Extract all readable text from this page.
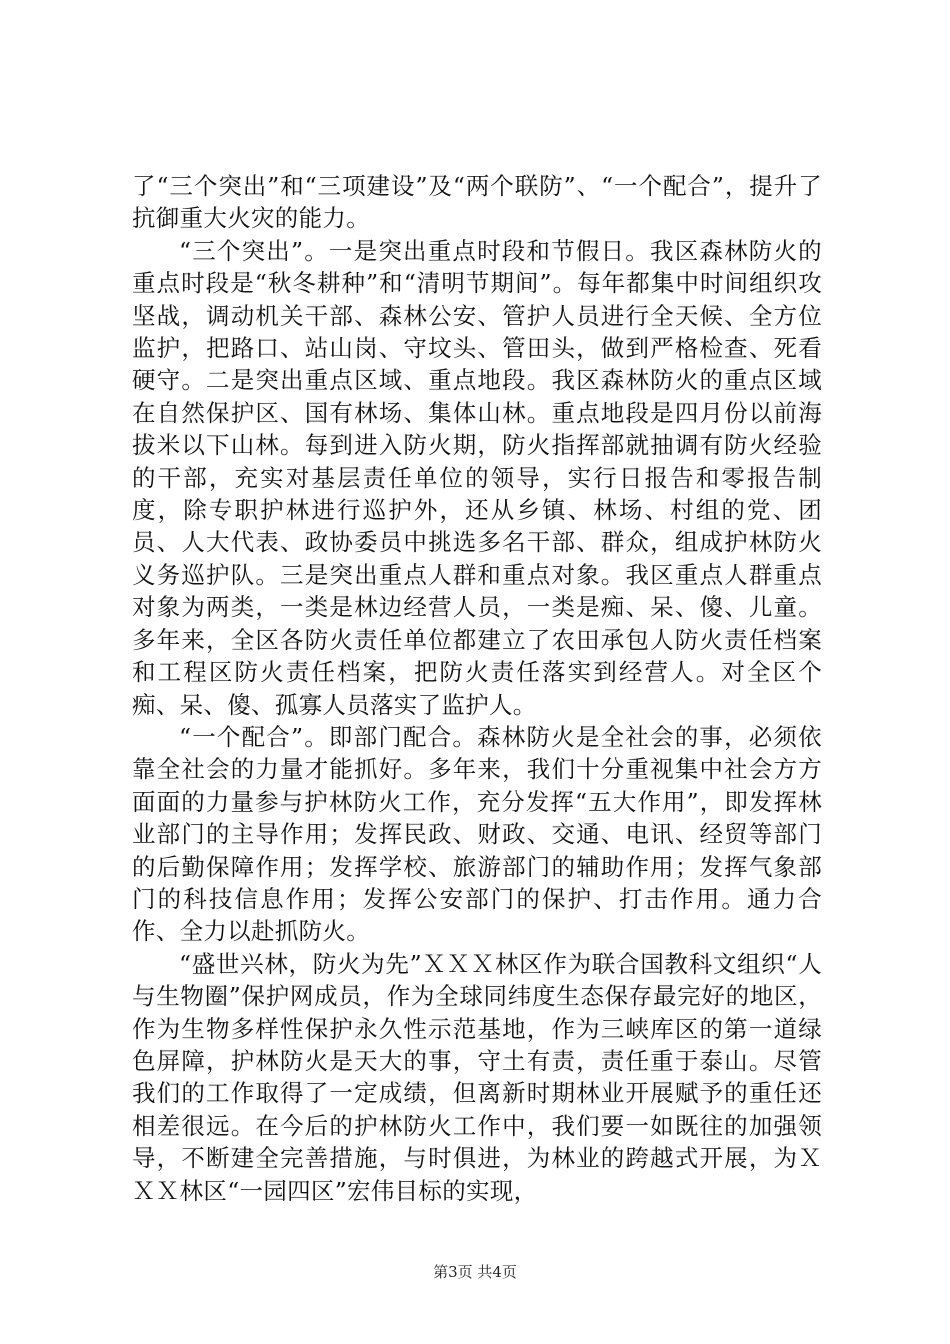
了“三个突出”和“三项建设”及“两个联防”、“一个配合”，提升了抗御重大火灾的能力。

“三个突出”。一是突出重点时段和节假日。我区森林防火的重点时段是“秋冬耕种”和“清明节期间”。每年都集中时间组织攻坚战，调动机关干部、森林公安、管护人员进行全天候、全方位监护，把路口、站山岗、守坟头、管田头，做到严格检查、死看硬守。二是突出重点区域、重点地段。我区森林防火的重点区域在自然保护区、国有林场、集体山林。重点地段是四月份以前海拔米以下山林。每到进入防火期，防火指挥部就抽调有防火经验的干部，充实对基层责任单位的领导，实行日报告和零报告制度，除专职护林进行巡护外，还从乡镇、林场、村组的党、团员、人大代表、政协委员中挑选多名干部、群众，组成护林防火义务巡护队。三是突出重点人群和重点对象。我区重点人群重点对象为两类，一类是林边经营人员，一类是痴、呆、傻、儿童。多年来，全区各防火责任单位都建立了农田承包人防火责任档案和工程区防火责任档案，把防火责任落实到经营人。对全区个痴、呆、傻、孤寡人员落实了监护人。

“一个配合”。即部门配合。森林防火是全社会的事，必须依靠全社会的力量才能抓好。多年来，我们十分重视集中社会方方面面的力量参与护林防火工作，充分发挥“五大作用”，即发挥林业部门的主导作用；发挥民政、财政、交通、电讯、经贸等部门的后勤保障作用；发挥学校、旅游部门的辅助作用；发挥气象部门的科技信息作用；发挥公安部门的保护、打击作用。通力合作、全力以赴抓防火。

“盛世兴林，防火为先”ＸＸＸ林区作为联合国教科文组织“人与生物圈”保护网成员，作为全球同纬度生态保存最完好的地区，作为生物多样性保护永久性示范基地，作为三峡库区的第一道绿色屏障，护林防火是天大的事，守土有责，责任重于泰山。尽管我们的工作取得了一定成绩，但离新时期林业开展赋予的重任还相差很远。在今后的护林防火工作中，我们要一如既往的加强领导，不断建全完善措施，与时俱进，为林业的跨越式开展，为ＸＸＸ林区“一园四区”宏伟目标的实现，

第3页 共4页
